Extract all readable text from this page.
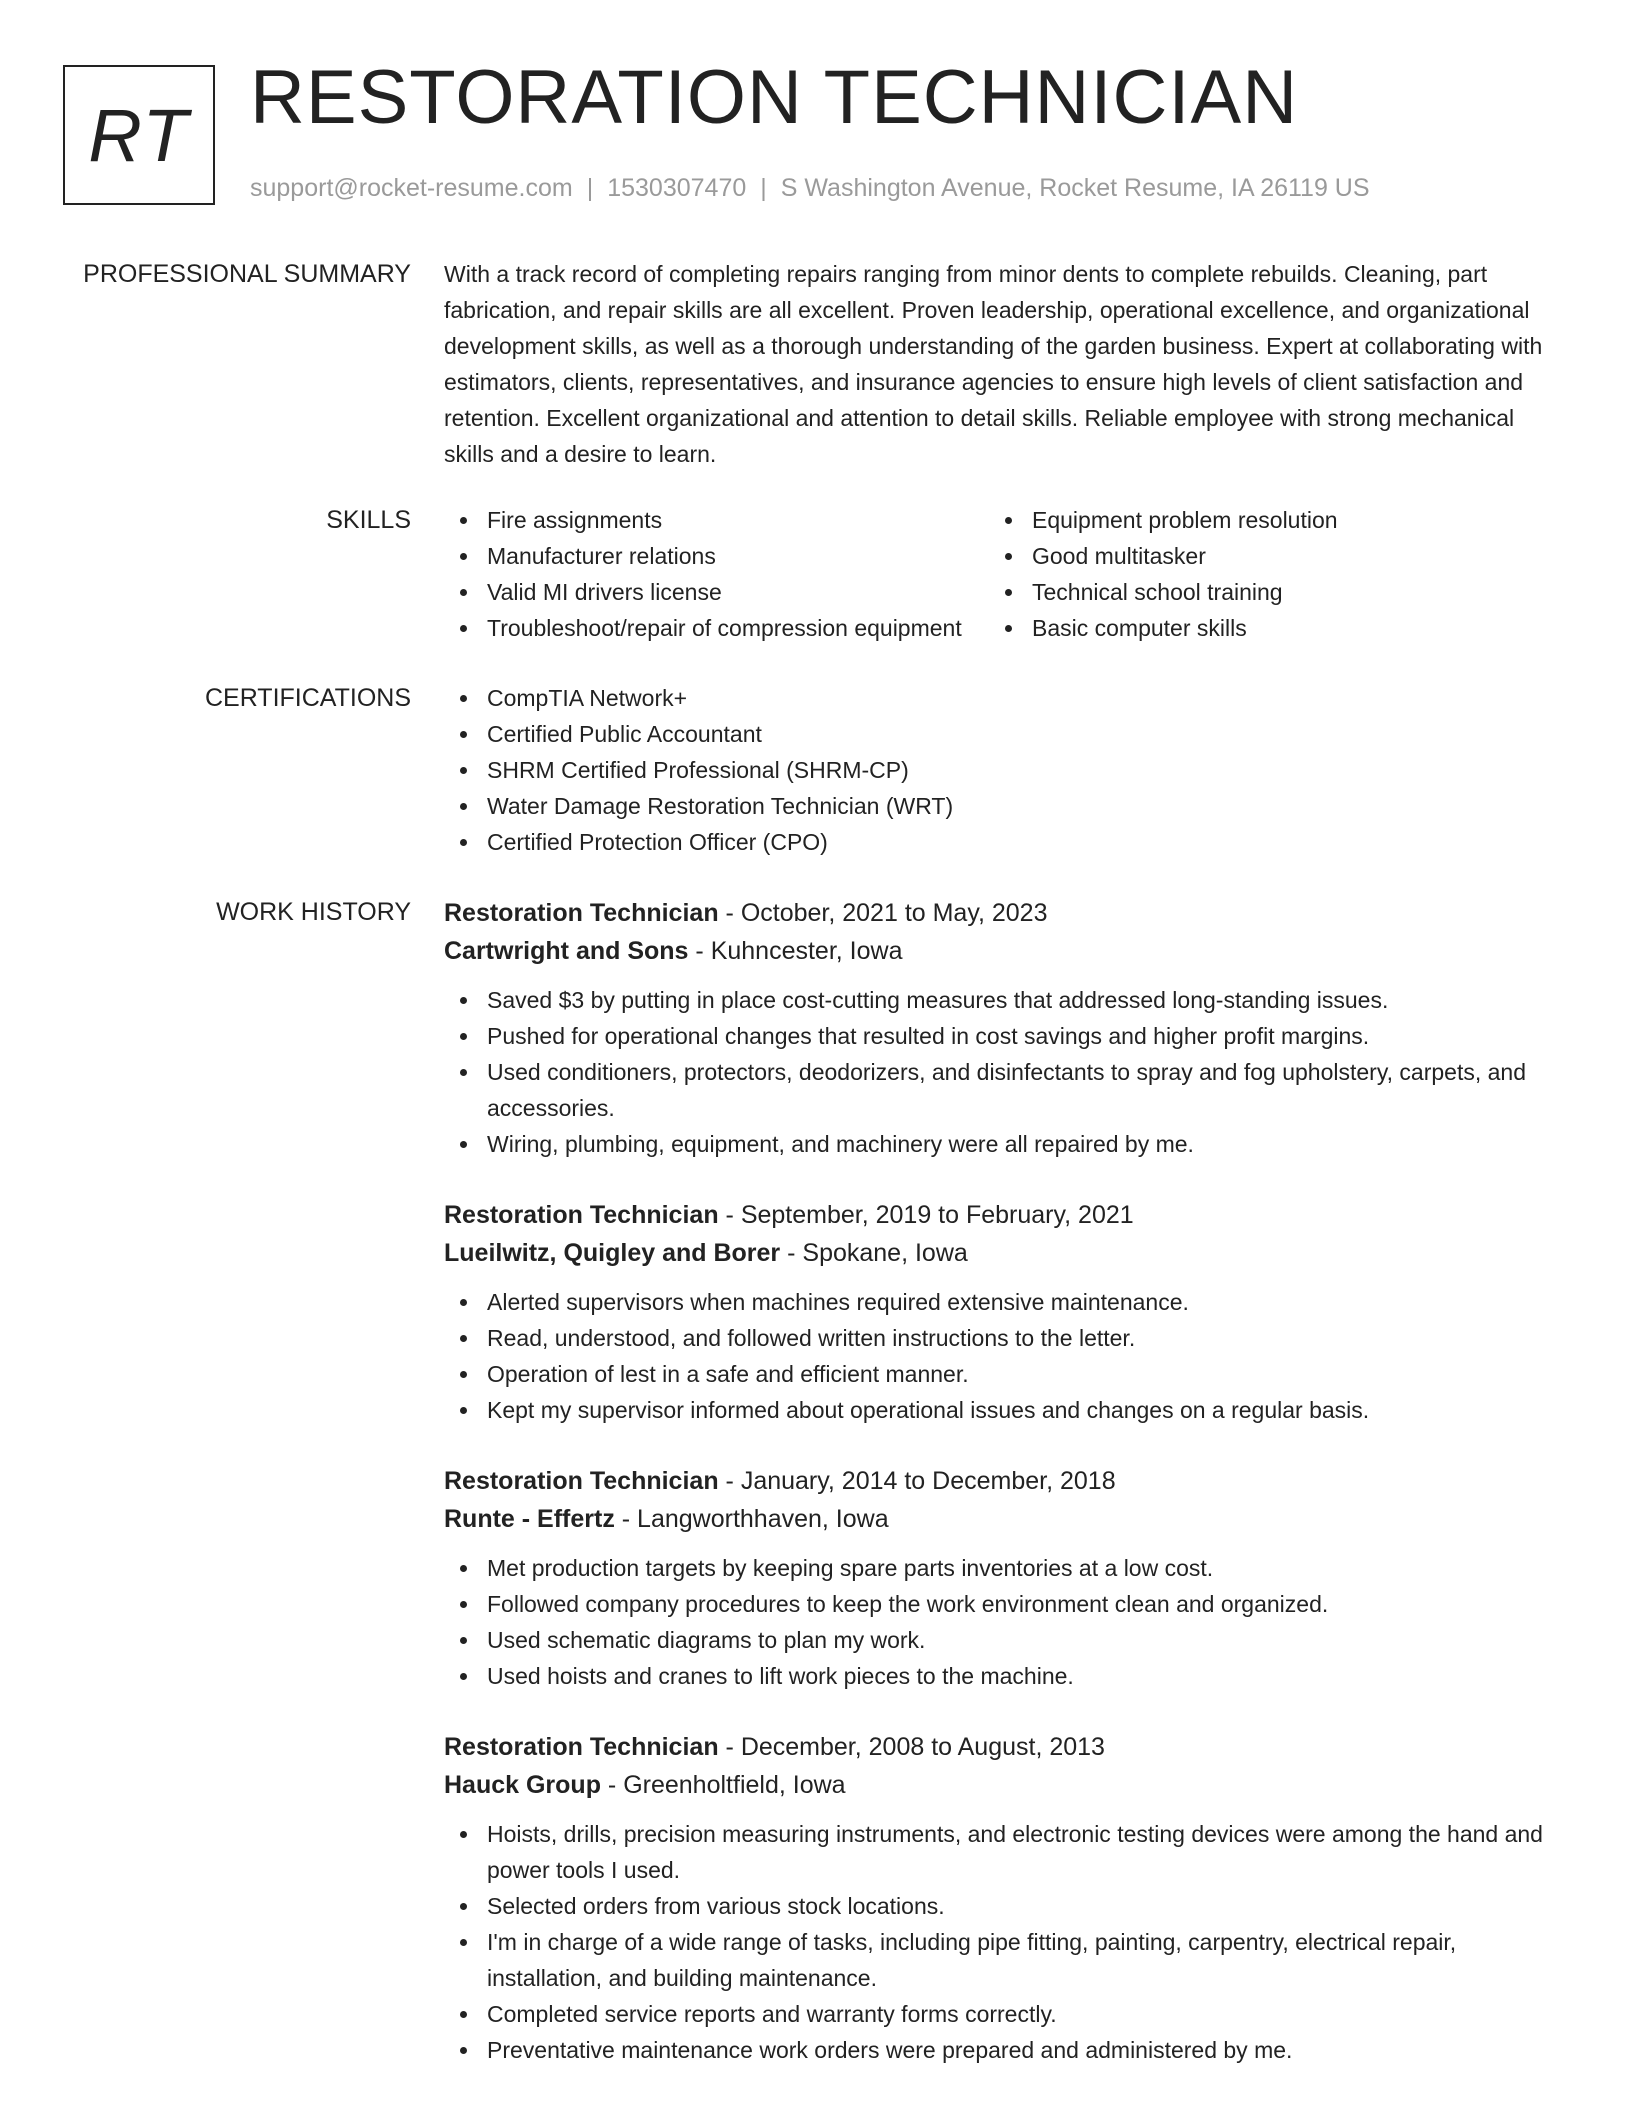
RT RESTORATION TECHNICIAN
support@rocket-resume.com | 1530307470 | S Washington Avenue, Rocket Resume, IA 26119 US
PROFESSIONAL SUMMARY With a track record of completing repairs ranging from minor dents to complete rebuilds. Cleaning, part fabrication, and repair skills are all excellent. Proven leadership, operational excellence, and organizational development skills, as well as a thorough understanding of the garden business. Expert at collaborating with estimators, clients, representatives, and insurance agencies to ensure high levels of client satisfaction and retention. Excellent organizational and attention to detail skills. Reliable employee with strong mechanical skills and a desire to learn.
SKILLS	Fire assignments
Manufacturer relations
Valid MI drivers license
Troubleshoot/repair of compression equipment
Equipment problem resolution
Good multitasker
Technical school training
Basic computer skills
CERTIFICATIONS	CompTIA Network+
Certified Public Accountant
SHRM Certified Professional (SHRM-CP)
Water Damage Restoration Technician (WRT)
Certified Protection Officer (CPO)
WORK HISTORY Restoration Technician - October, 2021 to May, 2023
Cartwright and Sons - Kuhncester, Iowa
Saved $3 by putting in place cost-cutting measures that addressed long-standing issues.
Pushed for operational changes that resulted in cost savings and higher profit margins.
Used conditioners, protectors, deodorizers, and disinfectants to spray and fog upholstery, carpets, and accessories.
Wiring, plumbing, equipment, and machinery were all repaired by me.
Restoration Technician - September, 2019 to February, 2021
Lueilwitz, Quigley and Borer - Spokane, Iowa
Alerted supervisors when machines required extensive maintenance.
Read, understood, and followed written instructions to the letter.
Operation of lest in a safe and efficient manner.
Kept my supervisor informed about operational issues and changes on a regular basis.
Restoration Technician - January, 2014 to December, 2018
Runte - Effertz - Langworthhaven, Iowa
Met production targets by keeping spare parts inventories at a low cost.
Followed company procedures to keep the work environment clean and organized.
Used schematic diagrams to plan my work.
Used hoists and cranes to lift work pieces to the machine.
Restoration Technician - December, 2008 to August, 2013
Hauck Group - Greenholtfield, Iowa
Hoists, drills, precision measuring instruments, and electronic testing devices were among the hand and power tools I used.
Selected orders from various stock locations.
I'm in charge of a wide range of tasks, including pipe fitting, painting, carpentry, electrical repair, installation, and building maintenance.
Completed service reports and warranty forms correctly.
Preventative maintenance work orders were prepared and administered by me.
